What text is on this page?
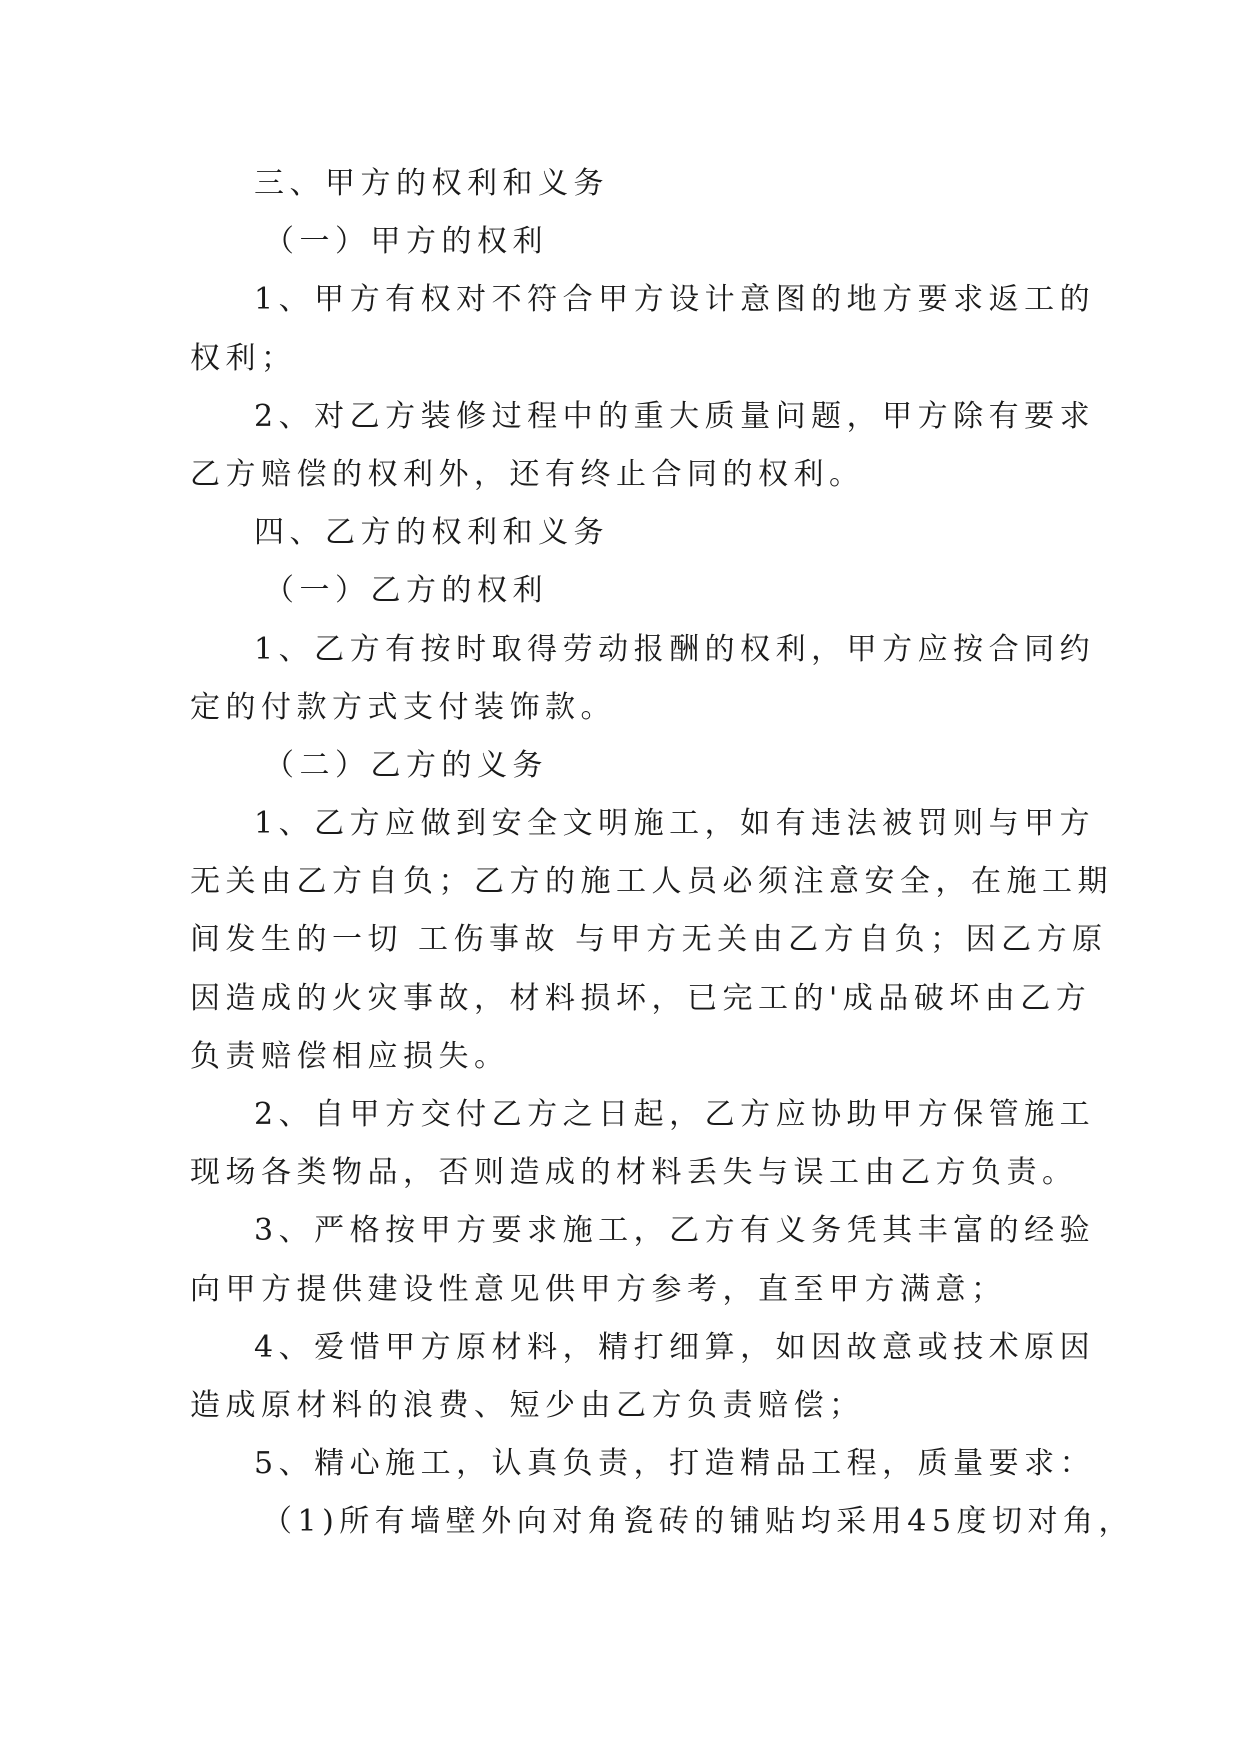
三、甲方的权利和义务
（一）甲方的权利
1、甲方有权对不符合甲方设计意图的地方要求返工的
权利；
2、对乙方装修过程中的重大质量问题，甲方除有要求
乙方赔偿的权利外，还有终止合同的权利。
四、乙方的权利和义务
（一）乙方的权利
1、乙方有按时取得劳动报酬的权利，甲方应按合同约
定的付款方式支付装饰款。
（二）乙方的义务
1、乙方应做到安全文明施工，如有违法被罚则与甲方
无关由乙方自负；乙方的施工人员必须注意安全，在施工期
间发生的一切 工伤事故 与甲方无关由乙方自负；因乙方原
因造成的火灾事故，材料损坏，已完工的'成品破坏由乙方
负责赔偿相应损失。
2、自甲方交付乙方之日起，乙方应协助甲方保管施工
现场各类物品，否则造成的材料丢失与误工由乙方负责。
3、严格按甲方要求施工，乙方有义务凭其丰富的经验
向甲方提供建设性意见供甲方参考，直至甲方满意；
4、爱惜甲方原材料，精打细算，如因故意或技术原因
造成原材料的浪费、短少由乙方负责赔偿；
5、精心施工，认真负责，打造精品工程，质量要求：
（1)所有墙壁外向对角瓷砖的铺贴均采用45度切对角，
